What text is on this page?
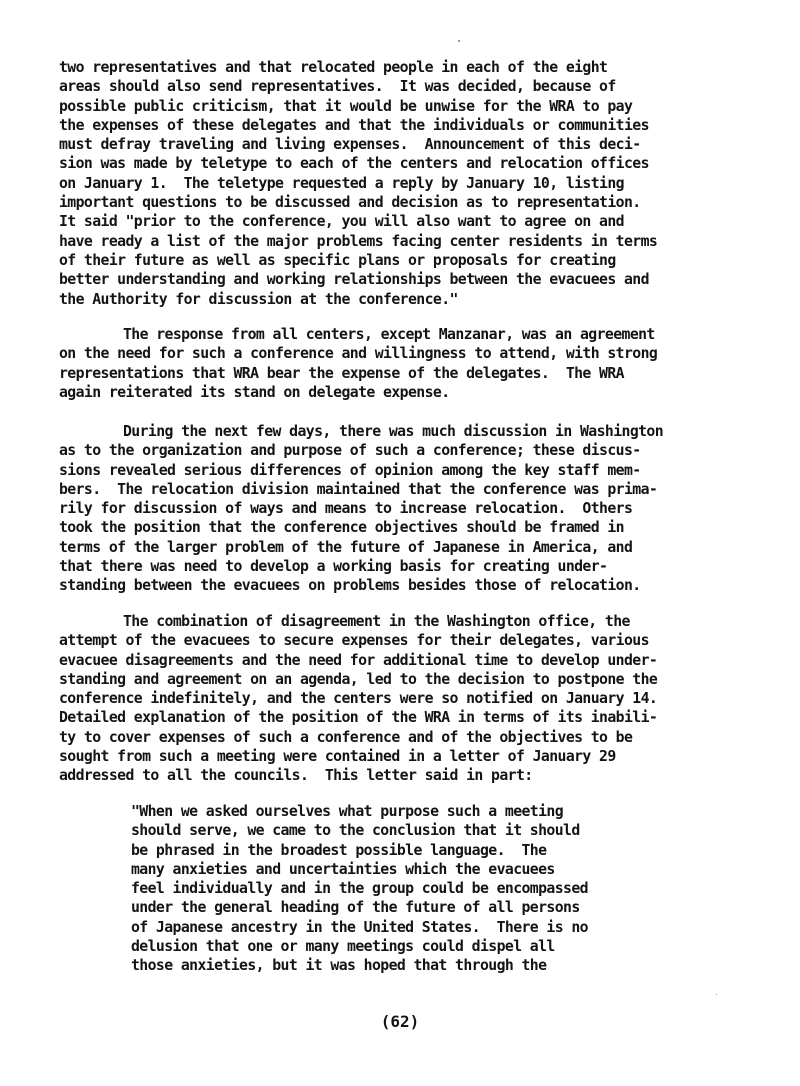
two representatives and that relocated people in each of the eight
areas should also send representatives.  It was decided, because of
possible public criticism, that it would be unwise for the WRA to pay
the expenses of these delegates and that the individuals or communities
must defray traveling and living expenses.  Announcement of this deci-
sion was made by teletype to each of the centers and relocation offices
on January 1.  The teletype requested a reply by January 10, listing
important questions to be discussed and decision as to representation.
It said "prior to the conference, you will also want to agree on and
have ready a list of the major problems facing center residents in terms
of their future as well as specific plans or proposals for creating
better understanding and working relationships between the evacuees and
the Authority for discussion at the conference."
The response from all centers, except Manzanar, was an agreement
on the need for such a conference and willingness to attend, with strong
representations that WRA bear the expense of the delegates.  The WRA
again reiterated its stand on delegate expense.
During the next few days, there was much discussion in Washington
as to the organization and purpose of such a conference; these discus-
sions revealed serious differences of opinion among the key staff mem-
bers.  The relocation division maintained that the conference was prima-
rily for discussion of ways and means to increase relocation.  Others
took the position that the conference objectives should be framed in
terms of the larger problem of the future of Japanese in America, and
that there was need to develop a working basis for creating under-
standing between the evacuees on problems besides those of relocation.
The combination of disagreement in the Washington office, the
attempt of the evacuees to secure expenses for their delegates, various
evacuee disagreements and the need for additional time to develop under-
standing and agreement on an agenda, led to the decision to postpone the
conference indefinitely, and the centers were so notified on January 14.
Detailed explanation of the position of the WRA in terms of its inabili-
ty to cover expenses of such a conference and of the objectives to be
sought from such a meeting were contained in a letter of January 29
addressed to all the councils.  This letter said in part:
"When we asked ourselves what purpose such a meeting
should serve, we came to the conclusion that it should
be phrased in the broadest possible language.  The
many anxieties and uncertainties which the evacuees
feel individually and in the group could be encompassed
under the general heading of the future of all persons
of Japanese ancestry in the United States.  There is no
delusion that one or many meetings could dispel all
those anxieties, but it was hoped that through the
(62)
